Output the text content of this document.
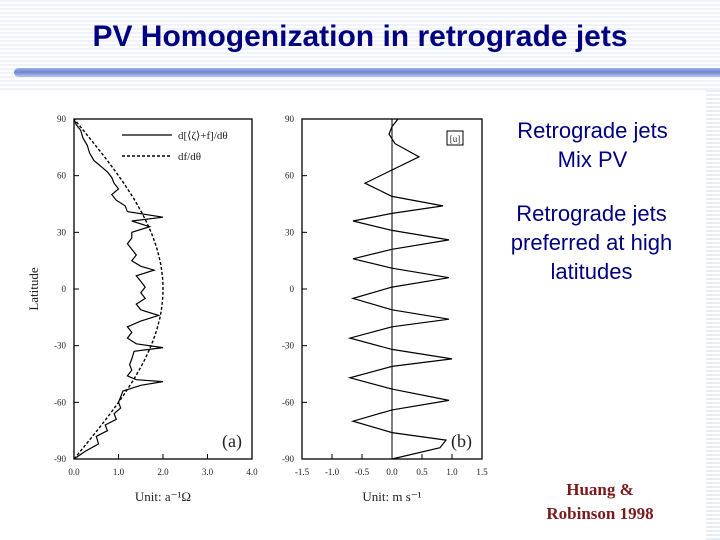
PV Homogenization in retrograde jets
-90
-60
-30
0
30
60
90
0.0	1.0	2.0	3.0	4.0
(a)
Unit: a⁻¹Ω
-90
-60
-30
0
30
60
90
-1.5 -1.0 -0.5 0.0 0.5 1.0 1.5
(b)
Unit: m s⁻¹
d[⟨ζ⟩+f]/dθ
df/dθ
Latitude
[u]	Retrograde jets
Mix PV
Retrograde jets
preferred at high
latitudes
Huang &
Robinson 1998
